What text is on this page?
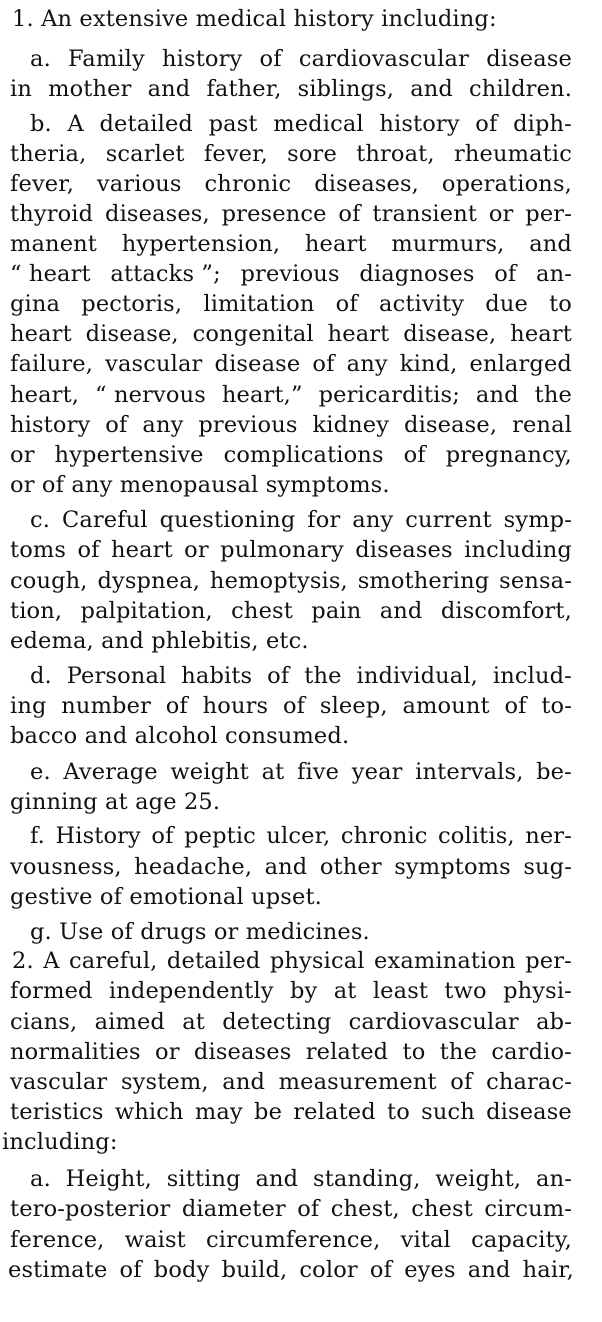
1. An extensive medical history including:
a. Family history of cardiovascular disease
in mother and father, siblings, and children.
b. A detailed past medical history of diph-
theria, scarlet fever, sore throat, rheumatic
fever, various chronic diseases, operations,
thyroid diseases, presence of transient or per-
manent hypertension, heart murmurs, and
“ heart attacks ”; previous diagnoses of an-
gina pectoris, limitation of activity due to
heart disease, congenital heart disease, heart
failure, vascular disease of any kind, enlarged
heart, “ nervous heart,” pericarditis; and the
history of any previous kidney disease, renal
or hypertensive complications of pregnancy,
or of any menopausal symptoms.
c. Careful questioning for any current symp-
toms of heart or pulmonary diseases including
cough, dyspnea, hemoptysis, smothering sensa-
tion, palpitation, chest pain and discomfort,
edema, and phlebitis, etc.
d. Personal habits of the individual, includ-
ing number of hours of sleep, amount of to-
bacco and alcohol consumed.
e. Average weight at five year intervals, be-
ginning at age 25.
f. History of peptic ulcer, chronic colitis, ner-
vousness, headache, and other symptoms sug-
gestive of emotional upset.
g. Use of drugs or medicines.
2. A careful, detailed physical examination per-
formed independently by at least two physi-
cians, aimed at detecting cardiovascular ab-
normalities or diseases related to the cardio-
vascular system, and measurement of charac-
teristics which may be related to such disease
including:
a. Height, sitting and standing, weight, an-
tero-posterior diameter of chest, chest circum-
ference, waist circumference, vital capacity,
estimate of body build, color of eyes and hair,
